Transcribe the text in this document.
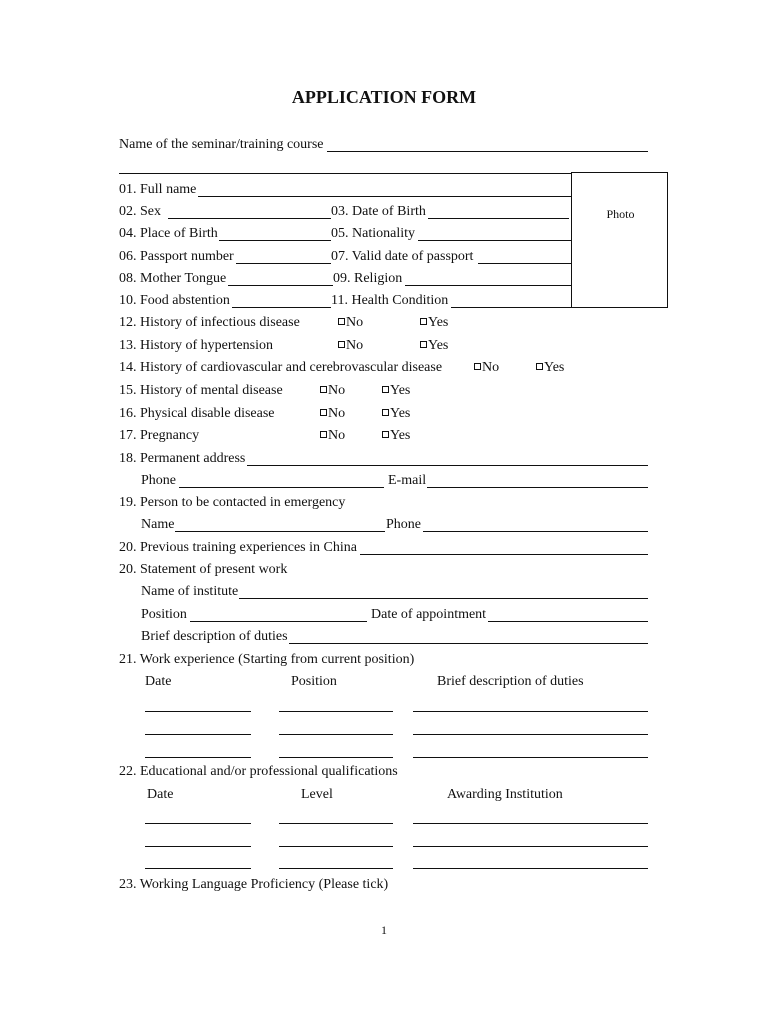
APPLICATION FORM
Name of the seminar/training course
Photo
01. Full name
02. Sex	03. Date of Birth
04. Place of Birth	05. Nationality
06. Passport number	07. Valid date of passport
08. Mother Tongue	09. Religion
10. Food abstention	11. Health Condition
12. History of infectious disease	No	Yes
13. History of hypertension	No	Yes
14. History of cardiovascular and cerebrovascular disease	No	Yes
15. History of mental disease	No	Yes
16. Physical disable disease	No	Yes
17. Pregnancy	No	Yes
18. Permanent address
Phone	E-mail
19. Person to be contacted in emergency
Name	Phone
20. Previous training experiences in China
20. Statement of present work
Name of institute
Position	Date of appointment
Brief description of duties
21. Work experience (Starting from current position)
Date	Position	Brief description of duties
22. Educational and/or professional qualifications
Date	Level	Awarding Institution
23. Working Language Proficiency (Please tick)
1
